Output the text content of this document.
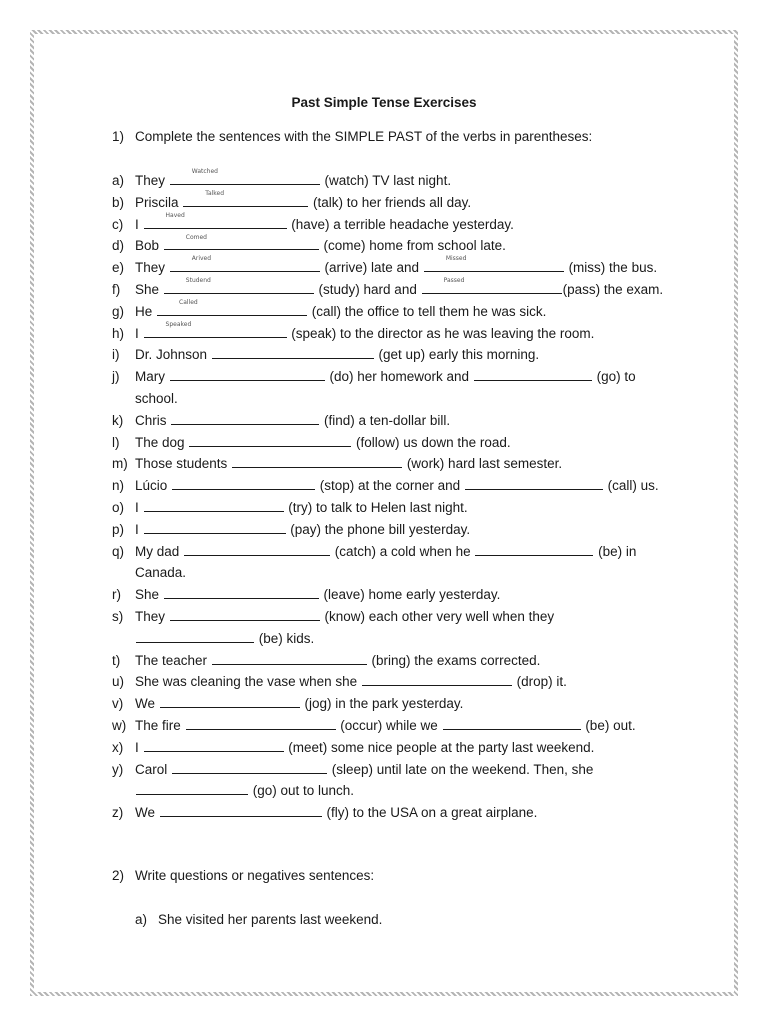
Past Simple Tense Exercises
1) Complete the sentences with the SIMPLE PAST of the verbs in parentheses:
a) They
Watched
(watch) TV last night.
b) Priscila
Talked
(talk) to her friends all day.
c) I
Haved
(have) a terrible headache yesterday.
d) Bob
Comed
(come) home from school late.
e) They
Arived
(arrive) late and
Missed
(miss) the bus.
f)	She
Studend
(study) hard and
Passed
(pass) the exam.
g) He
Called
(call) the office to tell them he was sick.
h) I
Speaked
(speak) to the director as he was leaving the room.
i)	Dr. Johnson	(get up) early this morning.
j)	Mary	(do) her homework and	(go) to
school.
k) Chris	(find) a ten-dollar bill.
l)	The dog	(follow) us down the road.
m) Those students	(work) hard last semester.
n) Lúcio	(stop) at the corner and	(call) us.
o) I	(try) to talk to Helen last night.
p) I	(pay) the phone bill yesterday.
q) My dad	(catch) a cold when he	(be) in
Canada.
r)	She	(leave) home early yesterday.
s) They	(know) each other very well when they
(be) kids.
t)	The teacher	(bring) the exams corrected.
u) She was cleaning the vase when she	(drop) it.
v) We	(jog) in the park yesterday.
w) The fire	(occur) while we	(be) out.
x) I	(meet) some nice people at the party last weekend.
y) Carol	(sleep) until late on the weekend. Then, she
(go) out to lunch.
z) We	(fly) to the USA on a great airplane.
2) Write questions or negatives sentences:
a) She visited her parents last weekend.
